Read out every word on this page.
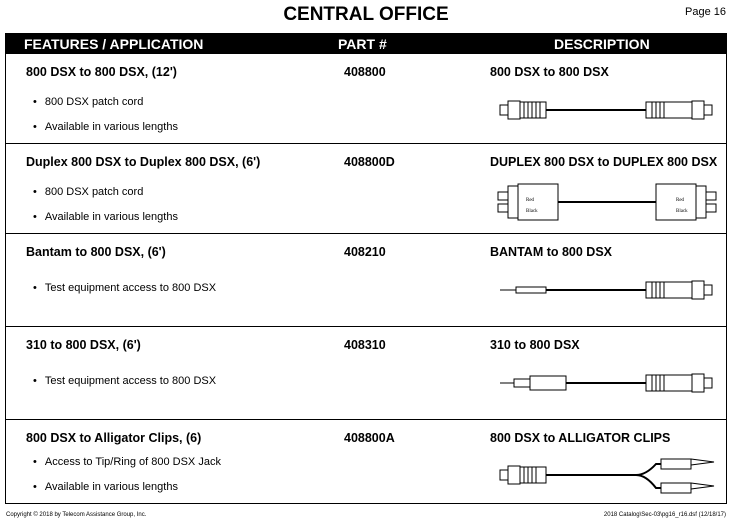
CENTRAL OFFICE	Page 16
FEATURES / APPLICATION	PART #	DESCRIPTION
800 DSX to 800 DSX, (12')	408800	800 DSX to 800 DSX
• 800 DSX patch cord
• Available in various lengths
Duplex 800 DSX to Duplex 800 DSX, (6')	408800D	DUPLEX 800 DSX to DUPLEX 800 DSX
• 800 DSX patch cord
• Available in various lengths
Red
Black
Red
Black
Bantam to 800 DSX, (6')	408210	BANTAM to 800 DSX
• Test equipment access to 800 DSX
310 to 800 DSX, (6')	408310	310 to 800 DSX
• Test equipment access to 800 DSX
800 DSX to Alligator Clips, (6)	408800A	800 DSX to ALLIGATOR CLIPS
• Access to Tip/Ring of 800 DSX Jack
• Available in various lengths
Copyright © 2018 by Telecom Assistance Group, Inc.	2018 Catalog\Sec-03\pg16_r16.dsf (12/18/17)
